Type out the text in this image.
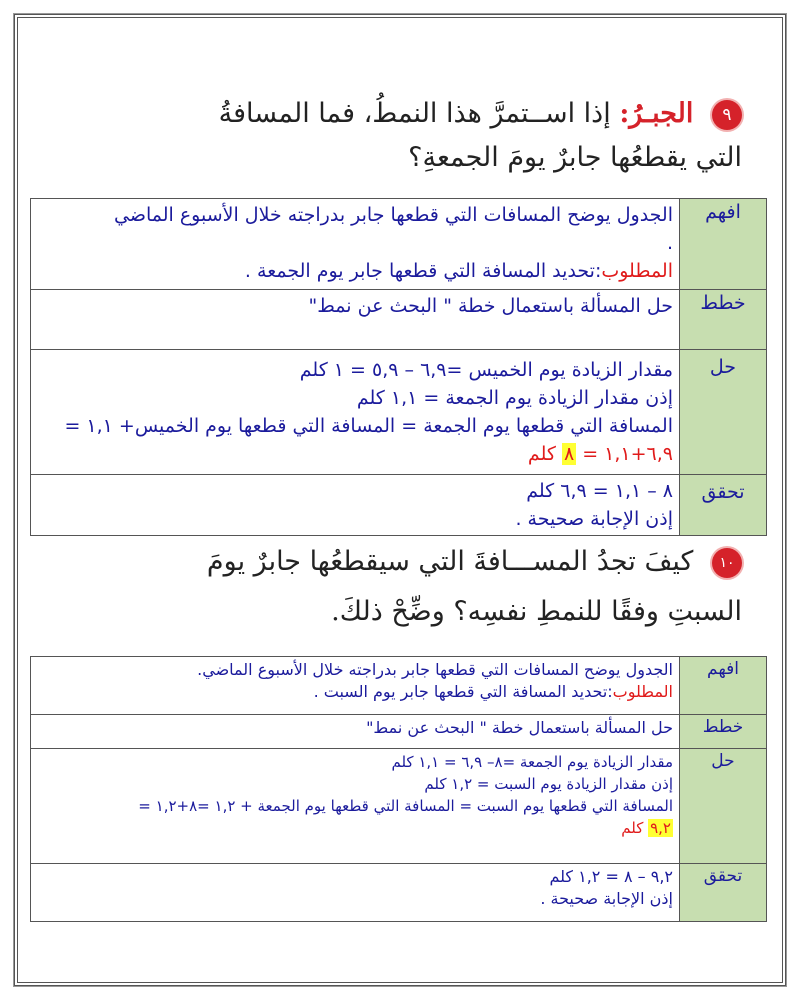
٩ الجبـرُ: إذا اســتمرَّ هذا النمطُ، فما المسافةُ
التي يقطعُها جابرٌ يومَ الجمعةِ؟
افهم	الجدول يوضح المسافات التي قطعها جابر بدراجته خلال الأسبوع الماضي
.
المطلوب:تحديد المسافة التي قطعها جابر يوم الجمعة .

خطط	حل المسألة باستعمال خطة " البحث عن نمط"

حل	مقدار الزيادة يوم الخميس =٦,٩ – ٥,٩ = ١ كلم
إذن مقدار الزيادة يوم الجمعة = ١,١ كلم
المسافة التي قطعها يوم الجمعة = المسافة التي قطعها يوم الخميس+ ١,١ =
٦,٩+١,١ = ٨ كلم

تحقق	٨ – ١,١ = ٦,٩ كلم
إذن الإجابة صحيحة .
١٠ كيفَ تجدُ المســـافةَ التي سيقطعُها جابرٌ يومَ
السبتِ وفقًا للنمطِ نفسِه؟ وضِّحْ ذلكَ.
افهم	الجدول يوضح المسافات التي قطعها جابر بدراجته خلال الأسبوع الماضي.
المطلوب:تحديد المسافة التي قطعها جابر يوم السبت .

خطط	حل المسألة باستعمال خطة " البحث عن نمط"

حل	مقدار الزيادة يوم الجمعة =٨– ٦,٩ = ١,١ كلم
إذن مقدار الزيادة يوم السبت = ١,٢ كلم
المسافة التي قطعها يوم السبت = المسافة التي قطعها يوم الجمعة + ١,٢ =٨+١,٢ =
٩,٢ كلم

تحقق	٩,٢ – ٨ = ١,٢ كلم
إذن الإجابة صحيحة .
